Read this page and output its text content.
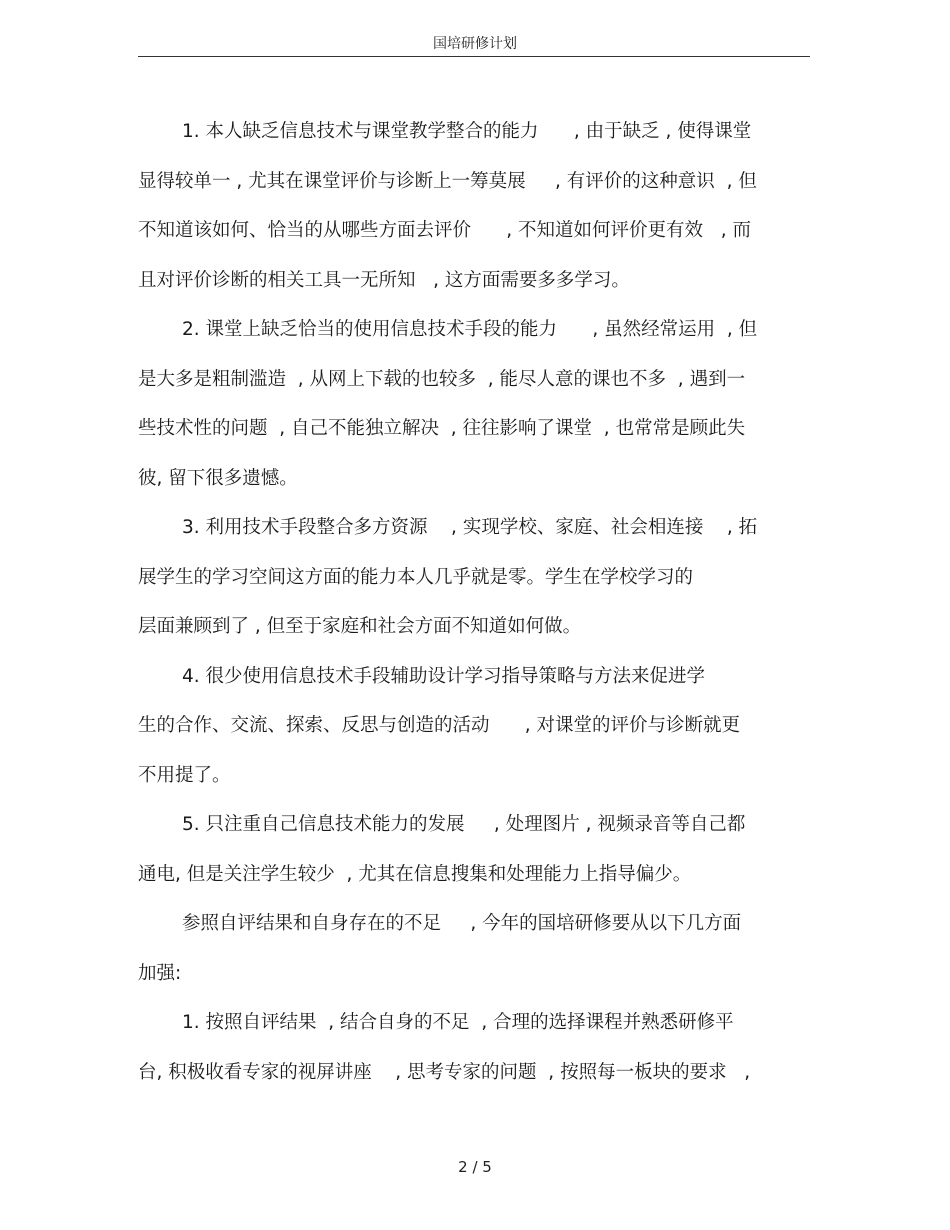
国培研修计划
1. 本人缺乏信息技术与课堂教学整合的能力      , 由于缺乏 , 使得课堂
显得较单一 , 尤其在课堂评价与诊断上一筹莫展     , 有评价的这种意识  , 但
不知道该如何、恰当的从哪些方面去评价      , 不知道如何评价更有效   , 而
且对评价诊断的相关工具一无所知   , 这方面需要多多学习。
2. 课堂上缺乏恰当的使用信息技术手段的能力      , 虽然经常运用  , 但
是大多是粗制滥造  , 从网上下载的也较多  , 能尽人意的课也不多  , 遇到一
些技术性的问题  , 自己不能独立解决  , 往往影响了课堂  , 也常常是顾此失
彼, 留下很多遗憾。
3. 利用技术手段整合多方资源    , 实现学校、家庭、社会相连接    , 拓
展学生的学习空间这方面的能力本人几乎就是零。学生在学校学习的
层面兼顾到了 , 但至于家庭和社会方面不知道如何做。
4. 很少使用信息技术手段辅助设计学习指导策略与方法来促进学
生的合作、交流、探索、反思与创造的活动      , 对课堂的评价与诊断就更
不用提了。
5. 只注重自己信息技术能力的发展     , 处理图片 , 视频录音等自己都
通电, 但是关注学生较少  , 尤其在信息搜集和处理能力上指导偏少。
参照自评结果和自身存在的不足     , 今年的国培研修要从以下几方面
加强:
1. 按照自评结果  , 结合自身的不足  , 合理的选择课程并熟悉研修平
台, 积极收看专家的视屏讲座    , 思考专家的问题  , 按照每一板块的要求   ,
2 / 5
